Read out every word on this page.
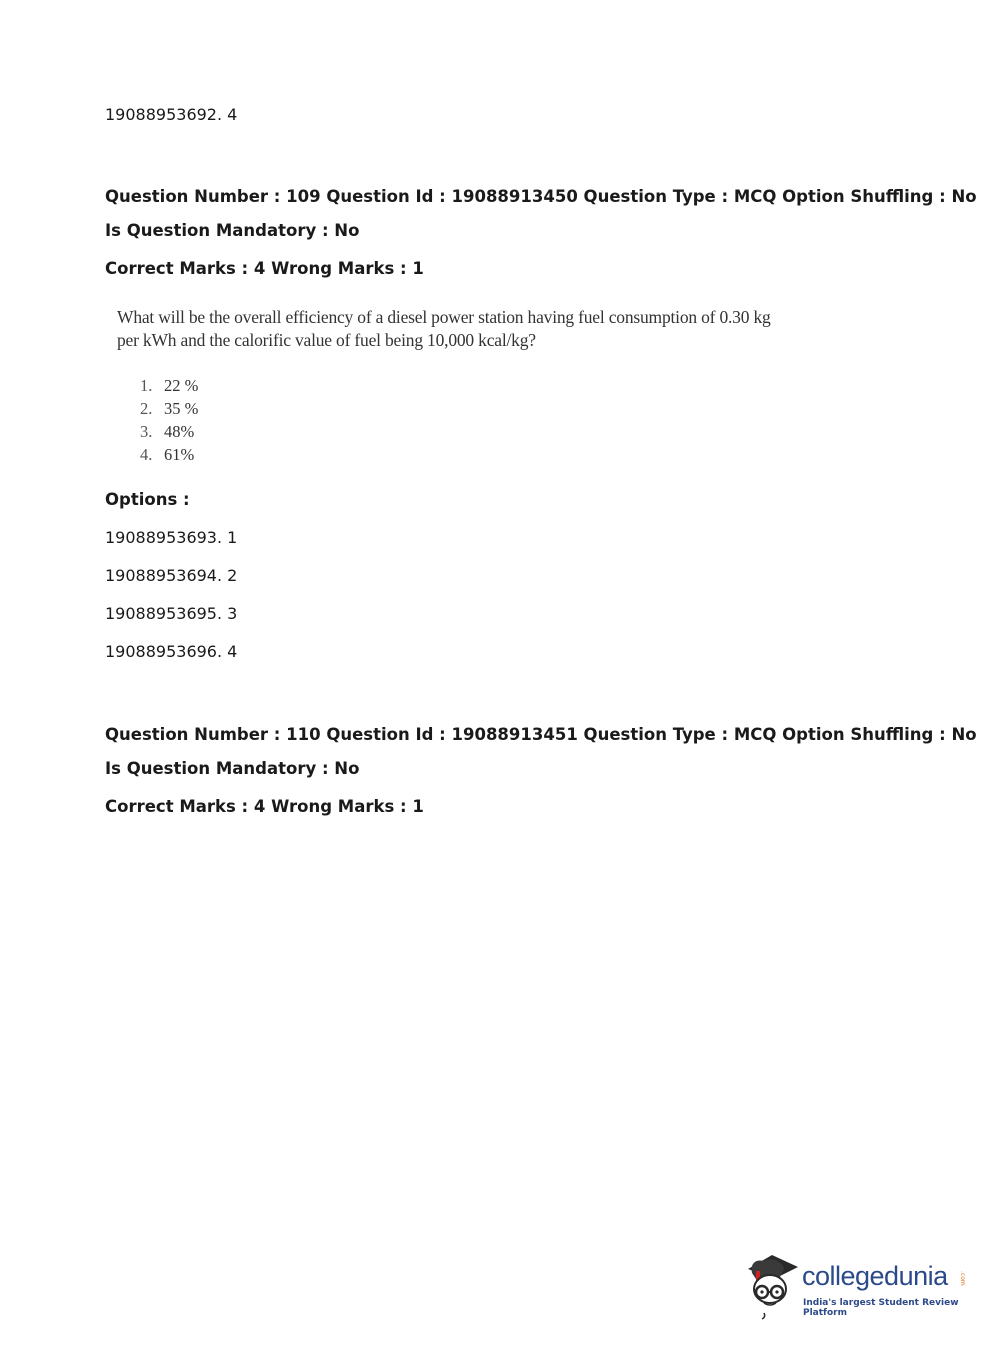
19088953692. 4
Question Number : 109 Question Id : 19088913450 Question Type : MCQ Option Shuffling : No
Is Question Mandatory : No
Correct Marks : 4 Wrong Marks : 1
What will be the overall efficiency of a diesel power station having fuel consumption of 0.30 kg
per kWh and the calorific value of fuel being 10,000 kcal/kg?
1. 22 %
2. 35 %
3. 48%
4. 61%
Options :
19088953693. 1
19088953694. 2
19088953695. 3
19088953696. 4
Question Number : 110 Question Id : 19088913451 Question Type : MCQ Option Shuffling : No
Is Question Mandatory : No
Correct Marks : 4 Wrong Marks : 1
collegedunia .com
India's largest Student Review Platform
